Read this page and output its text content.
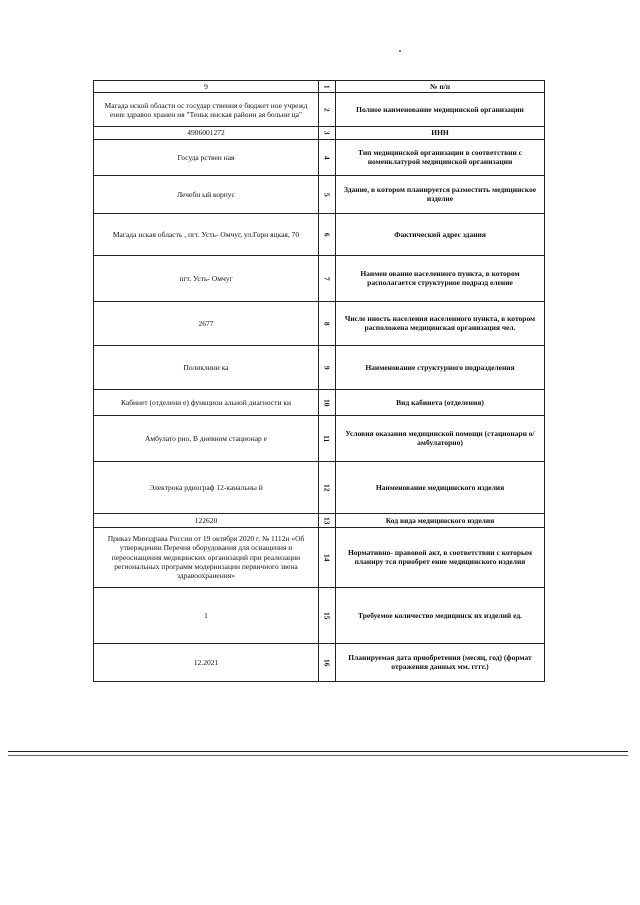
9	1	№ п/п
Магада нской области ос государ ствення е бюджет ное учрежд ение здравоо хранен ия "Теньк инская районн ая больни ца"	2	Полное наименование медицинской организации
4906001272	3	ИНН
Госуда рствен ная	4	Тип медицинской организации в соответствии с номенклатурой медицинской организации
Лечебн ый корпус	5	Здание, в котором планируется разместить медицинское изделие
Магада нская область , пгт. Усть- Омчуг, ул.Горн яцкая, 70	6	Фактический адрес здания
пгт. Усть- Омчуг	7	Наимен ование населенного пункта, в котором располагается структурное подразд еление
2677	8	Числе нность населения населенного пункта, в котором расположена медицинская организация чел.
Поликлини ка	9	Наименование структурного подразделения
Кабинет (отделени е) функцион альной диагности ки	10	Вид кабинета (отделения)
Амбулато рно, В дневном стационар е	11	Условия оказания медицинской помощи (стационарн о/амбулаторно)
Электрока рдиограф 12-канальны й	12	Наименование медицинского изделия
122620	13	Код вида медицинского изделия
Приказ Минздрава России от 19 октября 2020 г. № 1112н «Об утверждении Перечня оборудования для оснащения и переоснащения медицинских организаций при реализации региональных программ модернизации первичного звена здравоохранения»	14	Нормативно- правовой акт, в соответствии с которым планиру тся приобрет ение медицинского изделия
1	15	Требуемое количество медицинск их изделий ед.
12.2021	16	Планируемая дата приобретения (месяц, год) (формат отражения данных мм. гггг.)
